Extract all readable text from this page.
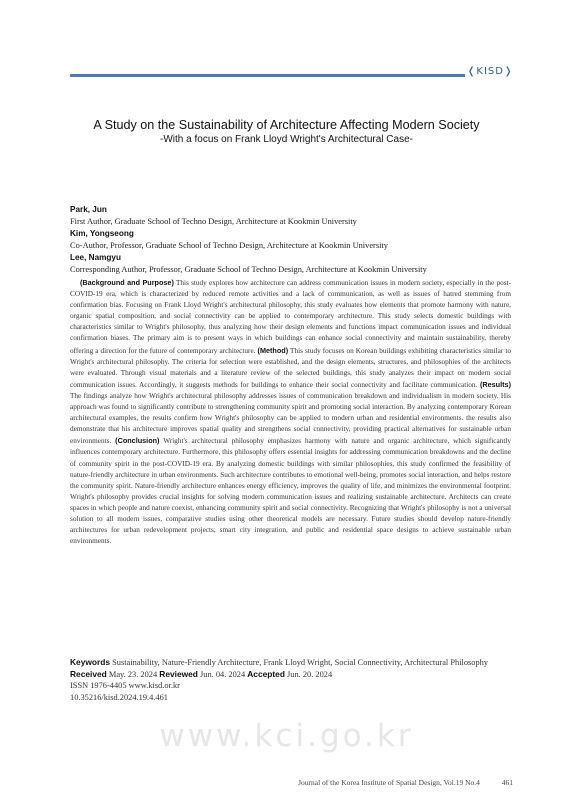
❬KISD❭
A Study on the Sustainability of Architecture Affecting Modern Society
-With a focus on Frank Lloyd Wright's Architectural Case-
Park, Jun
First Author, Graduate School of Techno Design, Architecture at Kookmin University
Kim, Yongseong
Co-Author, Professor, Graduate School of Techno Design, Architecture at Kookmin University
Lee, Namgyu
Corresponding Author, Professor, Graduate School of Techno Design, Architecture at Kookmin University

(Background and Purpose) This study explores how architecture can address communication issues in modern society, especially in the post-COVID-19 era, which is characterized by reduced remote activities and a lack of communication, as well as issues of hatred stemming from confirmation bias. Focusing on Frank Lloyd Wright's architectural philosophy, this study evaluates how elements that promote harmony with nature, organic spatial composition, and social connectivity can be applied to contemporary architecture. This study selects domestic buildings with characteristics similar to Wright's philosophy, thus analyzing how their design elements and functions impact communication issues and individual confirmation biases. The primary aim is to present ways in which buildings can enhance social connectivity and maintain sustainability, thereby offering a direction for the future of contemporary architecture. (Method) This study focuses on Korean buildings exhibiting characteristics similar to Wright's architectural philosophy. The criteria for selection were established, and the design elements, structures, and philosophies of the architects were evaluated. Through visual materials and a literature review of the selected buildings, this study analyzes their impact on modern social communication issues. Accordingly, it suggests methods for buildings to enhance their social connectivity and facilitate communication. (Results) The findings analyze how Wright's architectural philosophy addresses issues of communication breakdown and individualism in modern society. His approach was found to significantly contribute to strengthening community spirit and promoting social interaction. By analyzing contemporary Korean architectural examples, the results confirm how Wright's philosophy can be applied to modern urban and residential environments. the results also demonstrate that his architecture improves spatial quality and strengthens social connectivity, providing practical alternatives for sustainable urban environments. (Conclusion) Wright's architectural philosophy emphasizes harmony with nature and organic architecture, which significantly influences contemporary architecture. Furthermore, this philosophy offers essential insights for addressing communication breakdowns and the decline of community spirit in the post-COVID-19 era. By analyzing domestic buildings with similar philosophies, this study confirmed the feasibility of nature-friendly architecture in urban environments. Such architecture contributes to emotional well-being, promotes social interaction, and helps restore the community spirit. Nature-friendly architecture enhances energy efficiency, improves the quality of life, and minimizes the environmental footprint. Wright's philosophy provides crucial insights for solving modern communication issues and realizing sustainable architecture. Architects can create spaces in which people and nature coexist, enhancing community spirit and social connectivity. Recognizing that Wright's philosophy is not a universal solution to all modern issues, comparative studies using other theoretical models are necessary. Future studies should develop nature-friendly architectures for urban redevelopment projects, smart city integration, and public and residential space designs to achieve sustainable urban environments.

Keywords Sustainability, Nature-Friendly Architecture, Frank Lloyd Wright, Social Connectivity, Architectural Philosophy
Received May. 23. 2024 Reviewed Jun. 04. 2024 Accepted Jun. 20. 2024
ISSN 1976-4405 www.kisd.or.kr
10.35216/kisd.2024.19.4.461
www.kci.go.kr
Journal of the Korea Institute of Spatial Design, Vol.19 No.4	461
